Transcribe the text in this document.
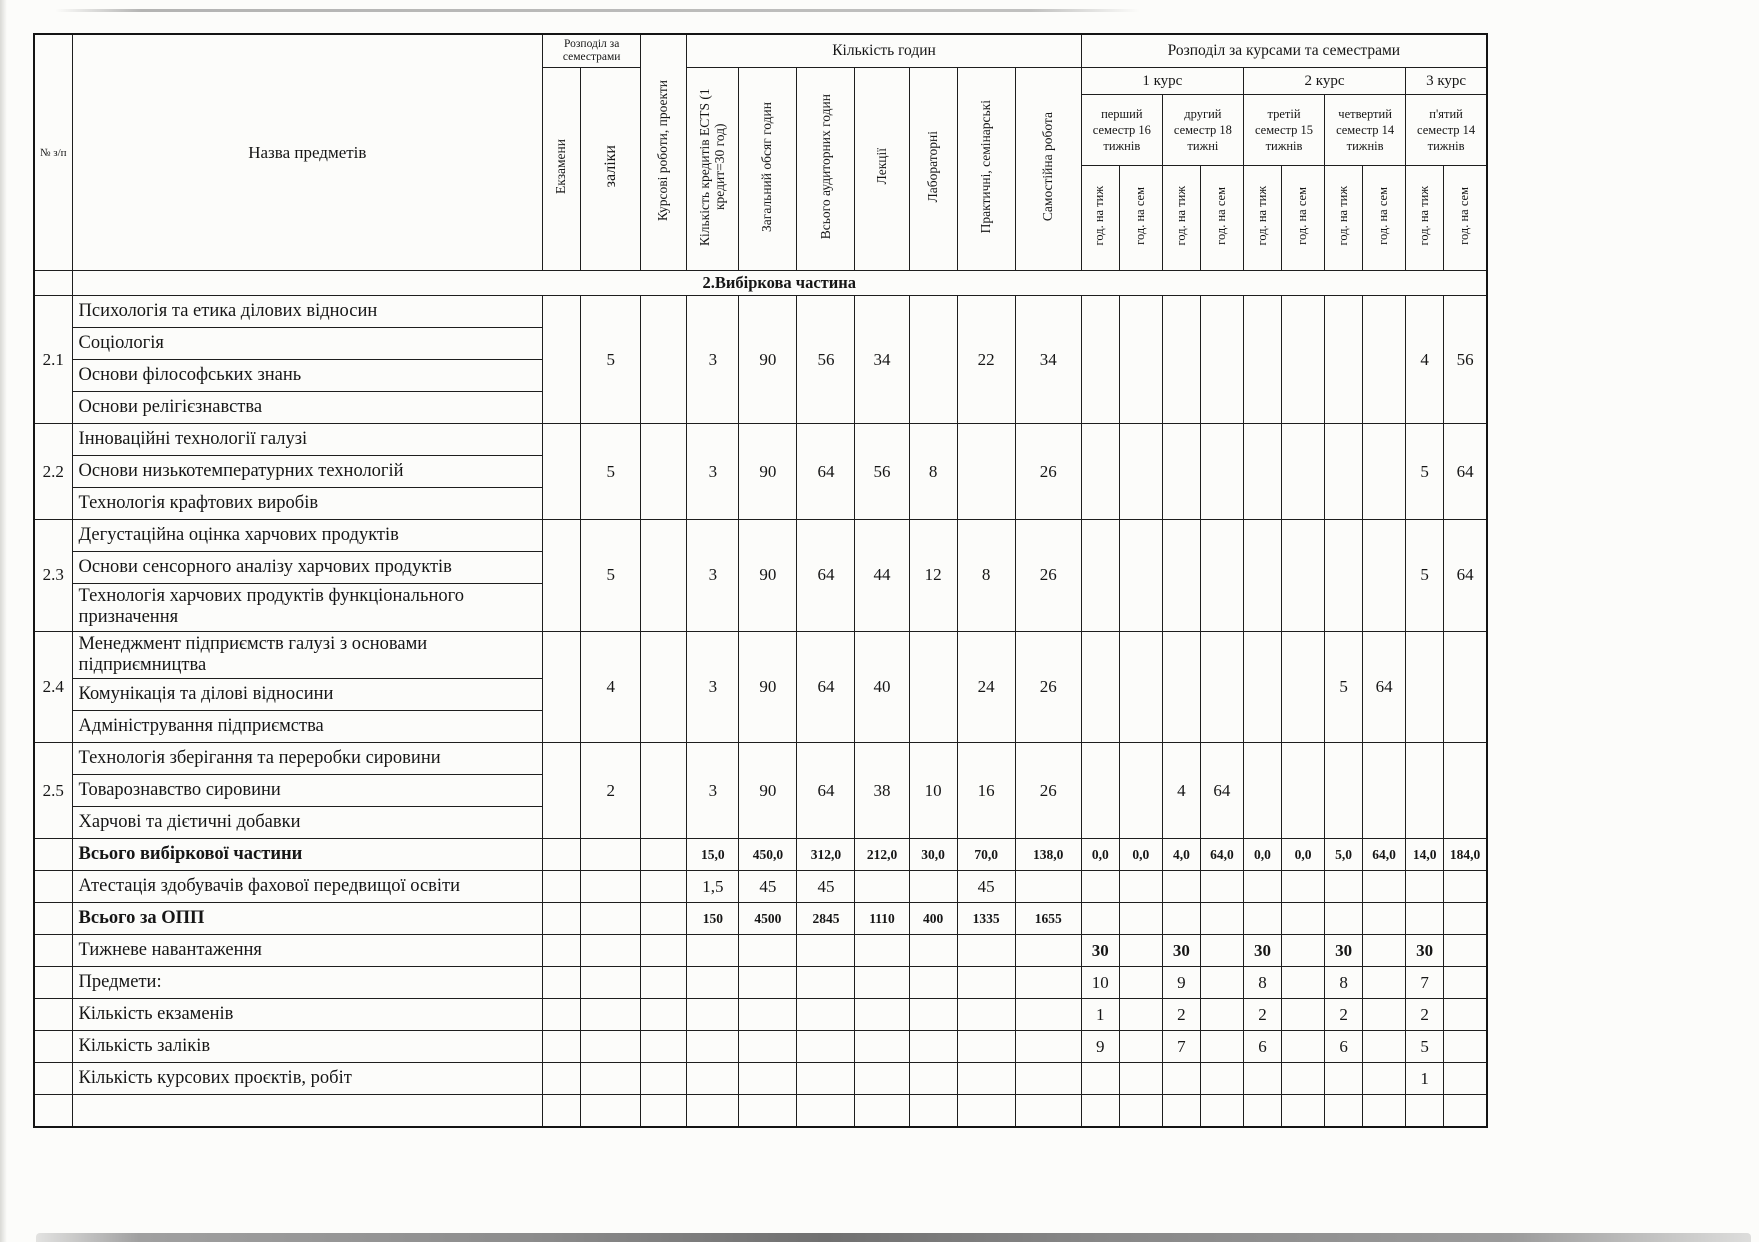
№ з/п	Назва предметів	Розподіл за семестрами		Курсові роботи, проекти	Кількість годин							Розподіл за курсами та семестрами									
		Екзамени	заліки		Кількість кредитів ECTS (1 кредит=30 год)	Загальний обсяг годин	Всього аудиторних годин	Лекції	Лабораторні	Практичні, семінарські	Самостійна робота	1 курс				2 курс				3 курс	
												перший семестр 16 тижнів		другий семестр 18 тижні		третій семестр 15 тижнів		четвертий семестр 14 тижнів		п'ятий семестр 14 тижнів	
												год. на тиж	год. на сем	год. на тиж	год. на сем	год. на тиж	год. на сем	год. на тиж	год. на сем	год. на тиж	год. на сем
	2.Вибіркова частина																				
2.1	Психологія та етика ділових відносин		5		3	90	56	34		22	34									4	56
	Соціологія																				
	Основи філософських знань																				
	Основи релігієзнавства																				
2.2	Інноваційні технології галузі		5		3	90	64	56	8		26									5	64
	Основи низькотемпературних технологій																				
	Технологія крафтових виробів																				
2.3	Дегустаційна оцінка харчових продуктів		5		3	90	64	44	12	8	26									5	64
	Основи сенсорного аналізу харчових продуктів																				
	Технологія харчових продуктів функціонального призначення																				
2.4	Менеджмент підприємств галузі з основами підприємництва		4		3	90	64	40		24	26							5	64		
	Комунікація та ділові відносини																				
	Адміністрування підприємства																				
2.5	Технологія зберігання та переробки сировини		2		3	90	64	38	10	16	26			4	64						
	Товарознавство сировини																				
	Харчові та дієтичні добавки																				
	Всього вибіркової частини				15,0	450,0	312,0	212,0	30,0	70,0	138,0	0,0	0,0	4,0	64,0	0,0	0,0	5,0	64,0	14,0	184,0
	Атестація здобувачів фахової передвищої освіти				1,5	45	45			45											
	Всього за ОПП				150	4500	2845	1110	400	1335	1655										
	Тижневе навантаження											30		30		30		30		30	
	Предмети:											10		9		8		8		7	
	Кількість екзаменів											1		2		2		2		2	
	Кількість заліків											9		7		6		6		5	
	Кількість курсових проєктів, робіт																			1	
